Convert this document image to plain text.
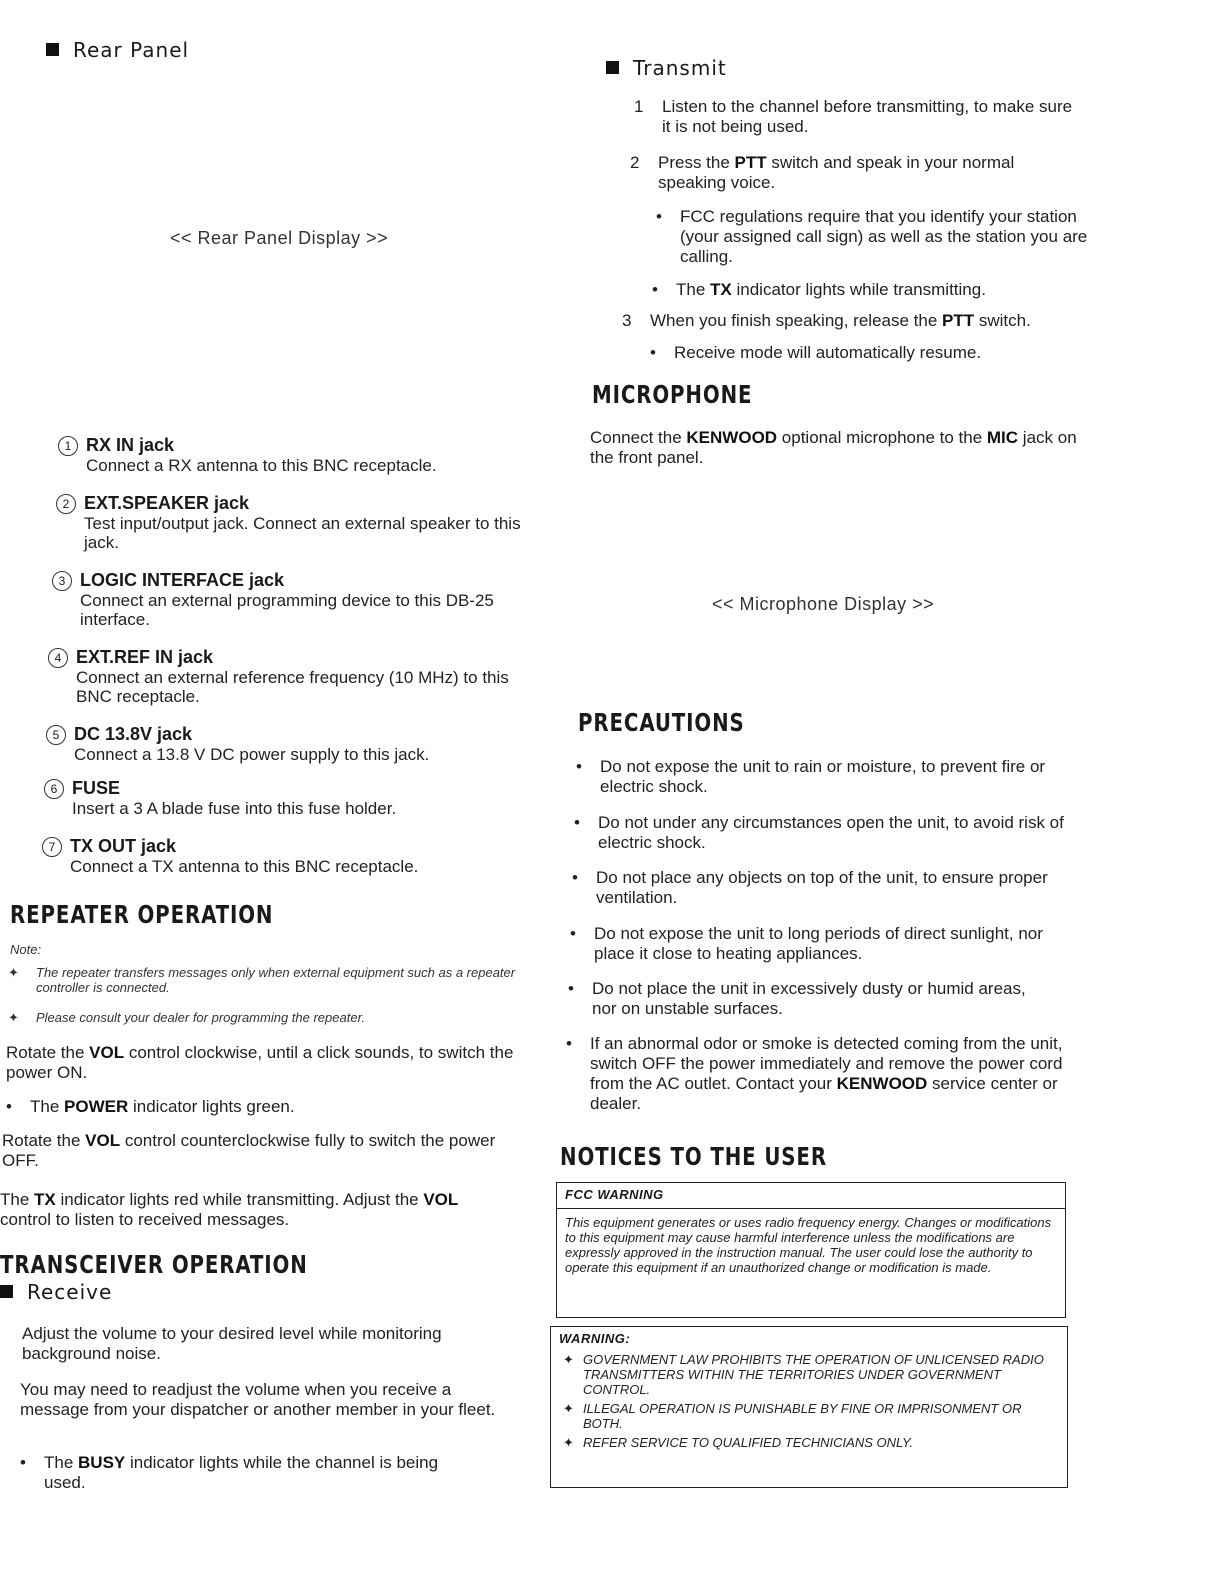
Rear Panel
<< Rear Panel Display >>
1 RX IN jack
Connect a RX antenna to this BNC receptacle.
2 EXT.SPEAKER jack
Test input/output jack. Connect an external speaker to this jack.
3 LOGIC INTERFACE jack
Connect an external programming device to this DB-25 interface.
4 EXT.REF IN jack
Connect an external reference frequency (10 MHz) to this BNC receptacle.
5 DC 13.8V jack
Connect a 13.8 V DC power supply to this jack.
6 FUSE
Insert a 3 A blade fuse into this fuse holder.
7 TX OUT jack
Connect a TX antenna to this BNC receptacle.
REPEATER OPERATION
Note:
✦ The repeater transfers messages only when external equipment such as a repeater controller is connected.
✦ Please consult your dealer for programming the repeater.
Rotate the VOL control clockwise, until a click sounds, to switch the power ON.
• The POWER indicator lights green.
Rotate the VOL control counterclockwise fully to switch the power OFF.
The TX indicator lights red while transmitting. Adjust the VOL control to listen to received messages.
TRANSCEIVER OPERATION
Receive
Adjust the volume to your desired level while monitoring background noise.
You may need to readjust the volume when you receive a message from your dispatcher or another member in your fleet.
• The BUSY indicator lights while the channel is being used.
Transmit
1 Listen to the channel before transmitting, to make sure it is not being used.
2 Press the PTT switch and speak in your normal speaking voice.
• FCC regulations require that you identify your station (your assigned call sign) as well as the station you are calling.
• The TX indicator lights while transmitting.
3 When you finish speaking, release the PTT switch.
• Receive mode will automatically resume.
MICROPHONE
Connect the KENWOOD optional microphone to the MIC jack on the front panel.
<< Microphone Display >>
PRECAUTIONS
• Do not expose the unit to rain or moisture, to prevent fire or electric shock.
• Do not under any circumstances open the unit, to avoid risk of electric shock.
• Do not place any objects on top of the unit, to ensure proper ventilation.
• Do not expose the unit to long periods of direct sunlight, nor place it close to heating appliances.
• Do not place the unit in excessively dusty or humid areas, nor on unstable surfaces.
• If an abnormal odor or smoke is detected coming from the unit, switch OFF the power immediately and remove the power cord from the AC outlet. Contact your KENWOOD service center or dealer.
NOTICES TO THE USER
FCC WARNING
This equipment generates or uses radio frequency energy. Changes or modifications to this equipment may cause harmful interference unless the modifications are expressly approved in the instruction manual. The user could lose the authority to operate this equipment if an unauthorized change or modification is made.
WARNING:
✦ GOVERNMENT LAW PROHIBITS THE OPERATION OF UNLICENSED RADIO TRANSMITTERS WITHIN THE TERRITORIES UNDER GOVERNMENT CONTROL.
✦ ILLEGAL OPERATION IS PUNISHABLE BY FINE OR IMPRISONMENT OR BOTH.
✦ REFER SERVICE TO QUALIFIED TECHNICIANS ONLY.
